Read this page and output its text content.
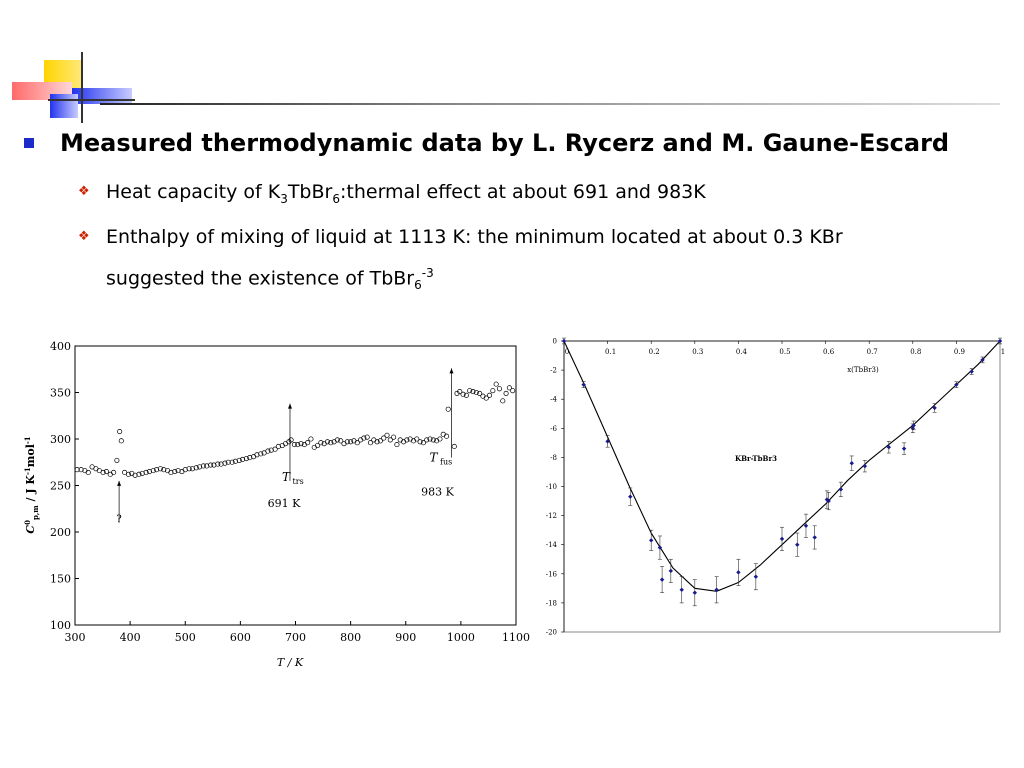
Measured thermodynamic data by L. Rycerz and M. Gaune-Escard
❖ Heat capacity of $K_3TbBr_6:thermal$ effect at about 691 and 983K
❖ Enthalpy of mixing of liquid at 1113 K: the minimum located at about 0.3 KBr
suggested the existence of TbBr$_6^{-3}$
300	400	500	600	700	800	900	1000 1100
100
150
200
250
300
350
400
?
T $_{trs}$
691 K
T $_{fus}$
983 K
T / K
$C^0_{p,m}$ / J $K^{-1}mol^{-1}$
0	0.1	0.2	0.3	0.4	0.5	0.6	0.7	0.8	0.9	1
0
-2
-4
-6
-8
-10
-12
-14
-16
-18
-20
KBr-TbBr3
x(TbBr3)
